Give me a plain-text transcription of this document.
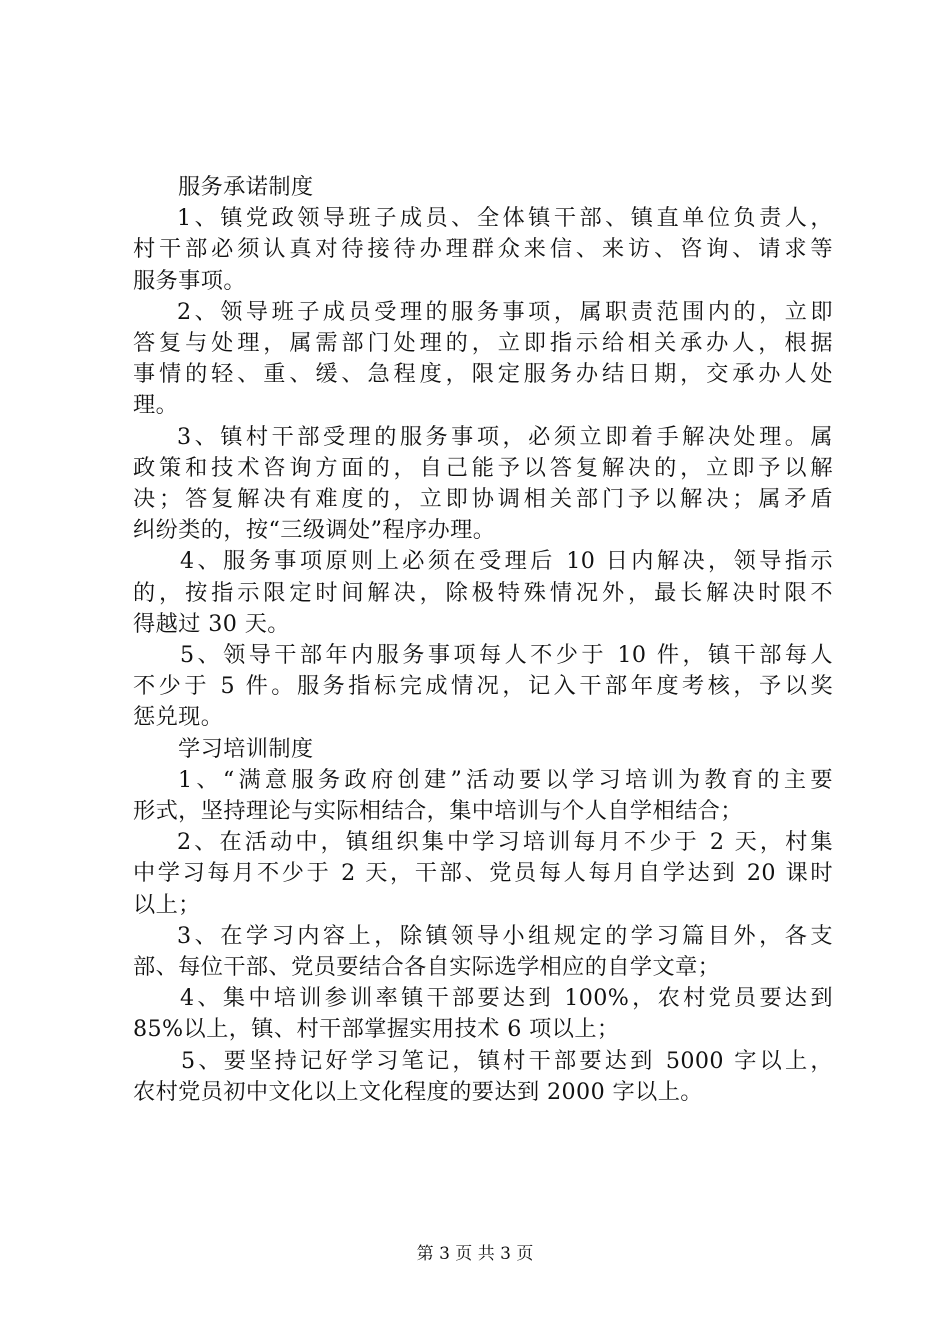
服务承诺制度
1、镇党政领导班子成员、全体镇干部、镇直单位负责人，
村干部必须认真对待接待办理群众来信、来访、咨询、请求等
服务事项。
2、领导班子成员受理的服务事项，属职责范围内的，立即
答复与处理，属需部门处理的，立即指示给相关承办人，根据
事情的轻、重、缓、急程度，限定服务办结日期，交承办人处
理。
3、镇村干部受理的服务事项，必须立即着手解决处理。属
政策和技术咨询方面的，自己能予以答复解决的，立即予以解
决；答复解决有难度的，立即协调相关部门予以解决；属矛盾
纠纷类的，按“三级调处”程序办理。
4、服务事项原则上必须在受理后 10 日内解决，领导指示
的，按指示限定时间解决，除极特殊情况外，最长解决时限不
得越过 30 天。
5、领导干部年内服务事项每人不少于 10 件，镇干部每人
不少于 5 件。服务指标完成情况，记入干部年度考核，予以奖
惩兑现。
学习培训制度
1、“满意服务政府创建”活动要以学习培训为教育的主要
形式，坚持理论与实际相结合，集中培训与个人自学相结合；
2、在活动中，镇组织集中学习培训每月不少于 2 天，村集
中学习每月不少于 2 天，干部、党员每人每月自学达到 20 课时
以上；
3、在学习内容上，除镇领导小组规定的学习篇目外，各支
部、每位干部、党员要结合各自实际选学相应的自学文章；
4、集中培训参训率镇干部要达到 100%，农村党员要达到
85%以上，镇、村干部掌握实用技术 6 项以上；
5、要坚持记好学习笔记，镇村干部要达到 5000 字以上，
农村党员初中文化以上文化程度的要达到 2000 字以上。
第 3 页 共 3 页
